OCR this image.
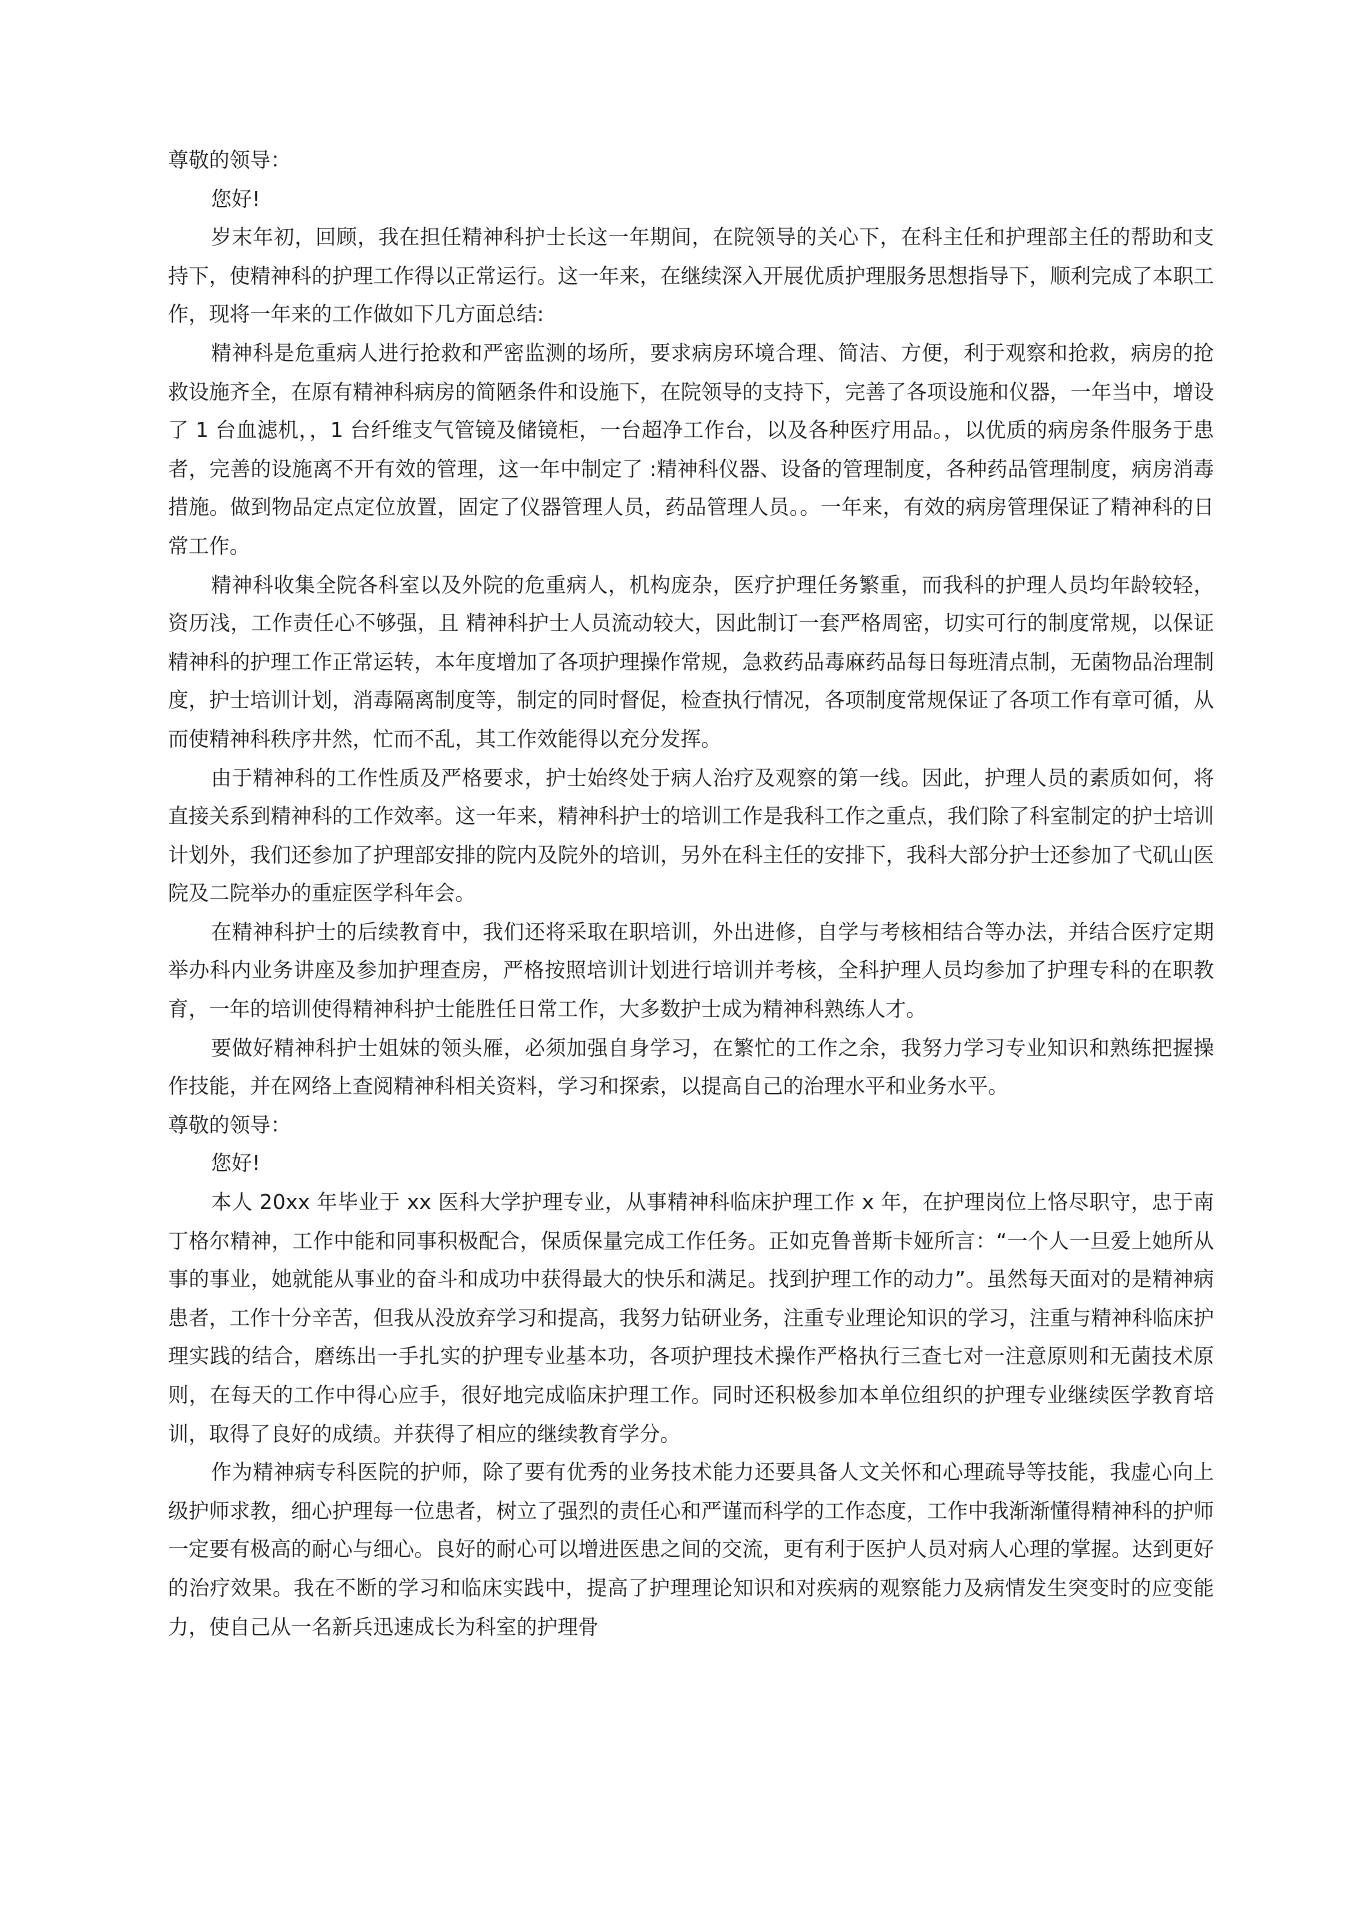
尊敬的领导：

您好!

岁末年初，回顾，我在担任精神科护士长这一年期间，在院领导的关心下，在科主任和护理部主任的帮助和支持下，使精神科的护理工作得以正常运行。这一年来，在继续深入开展优质护理服务思想指导下，顺利完成了本职工作，现将一年来的工作做如下几方面总结:

精神科是危重病人进行抢救和严密监测的场所，要求病房环境合理、简洁、方便，利于观察和抢救，病房的抢救设施齐全，在原有精神科病房的简陋条件和设施下，在院领导的支持下，完善了各项设施和仪器，一年当中，增设了 1 台血滤机，，1 台纤维支气管镜及储镜柜，一台超净工作台，以及各种医疗用品。，以优质的病房条件服务于患者，完善的设施离不开有效的管理，这一年中制定了 :精神科仪器、设备的管理制度，各种药品管理制度，病房消毒措施。做到物品定点定位放置，固定了仪器管理人员，药品管理人员。。一年来，有效的病房管理保证了精神科的日常工作。

精神科收集全院各科室以及外院的危重病人，机构庞杂，医疗护理任务繁重，而我科的护理人员均年龄较轻，资历浅，工作责任心不够强，且 精神科护士人员流动较大，因此制订一套严格周密，切实可行的制度常规，以保证精神科的护理工作正常运转，本年度增加了各项护理操作常规，急救药品毒麻药品每日每班清点制，无菌物品治理制度，护士培训计划，消毒隔离制度等，制定的同时督促，检查执行情况，各项制度常规保证了各项工作有章可循，从而使精神科秩序井然，忙而不乱，其工作效能得以充分发挥。

由于精神科的工作性质及严格要求，护士始终处于病人治疗及观察的第一线。因此，护理人员的素质如何，将直接关系到精神科的工作效率。这一年来，精神科护士的培训工作是我科工作之重点，我们除了科室制定的护士培训计划外，我们还参加了护理部安排的院内及院外的培训，另外在科主任的安排下，我科大部分护士还参加了弋矶山医院及二院举办的重症医学科年会。

在精神科护士的后续教育中，我们还将采取在职培训，外出进修，自学与考核相结合等办法，并结合医疗定期举办科内业务讲座及参加护理查房，严格按照培训计划进行培训并考核，全科护理人员均参加了护理专科的在职教育，一年的培训使得精神科护士能胜任日常工作，大多数护士成为精神科熟练人才。

要做好精神科护士姐妹的领头雁，必须加强自身学习，在繁忙的工作之余，我努力学习专业知识和熟练把握操作技能，并在网络上查阅精神科相关资料，学习和探索，以提高自己的治理水平和业务水平。

尊敬的领导：

您好!

本人 20xx 年毕业于 xx 医科大学护理专业，从事精神科临床护理工作 x 年，在护理岗位上恪尽职守，忠于南丁格尔精神，工作中能和同事积极配合，保质保量完成工作任务。正如克鲁普斯卡娅所言：“一个人一旦爱上她所从事的事业，她就能从事业的奋斗和成功中获得最大的快乐和满足。找到护理工作的动力”。虽然每天面对的是精神病患者，工作十分辛苦，但我从没放弃学习和提高，我努力钻研业务，注重专业理论知识的学习，注重与精神科临床护理实践的结合，磨练出一手扎实的护理专业基本功，各项护理技术操作严格执行三查七对一注意原则和无菌技术原则，在每天的工作中得心应手，很好地完成临床护理工作。同时还积极参加本单位组织的护理专业继续医学教育培训，取得了良好的成绩。并获得了相应的继续教育学分。

作为精神病专科医院的护师，除了要有优秀的业务技术能力还要具备人文关怀和心理疏导等技能，我虚心向上级护师求教，细心护理每一位患者，树立了强烈的责任心和严谨而科学的工作态度，工作中我渐渐懂得精神科的护师一定要有极高的耐心与细心。良好的耐心可以增进医患之间的交流，更有利于医护人员对病人心理的掌握。达到更好的治疗效果。我在不断的学习和临床实践中，提高了护理理论知识和对疾病的观察能力及病情发生突变时的应变能力，使自己从一名新兵迅速成长为科室的护理骨
